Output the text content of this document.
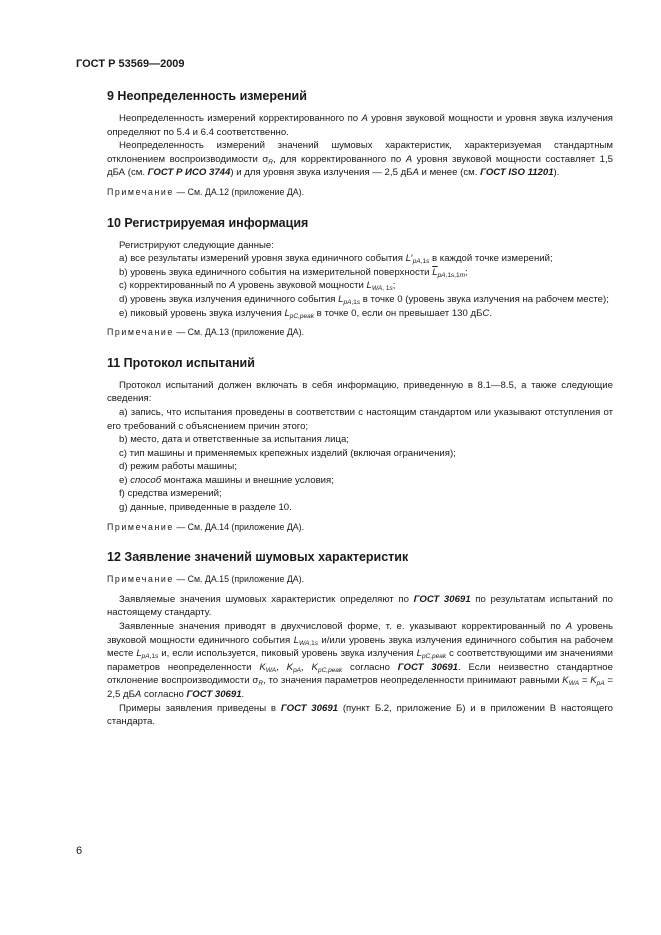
ГОСТ Р 53569—2009
9 Неопределенность измерений

Неопределенность измерений корректированного по А уровня звуковой мощности и уровня звука излучения определяют по 5.4 и 6.4 соответственно.

Неопределенность измерений значений шумовых характеристик, характеризуемая стандартным отклонением воспроизводимости $\sigma_R$, для корректированного по А уровня звуковой мощности составляет 1,5 дБА (см. ГОСТ Р ИСО 3744) и для уровня звука излучения — 2,5 дБА и менее (см. ГОСТ ISO 11201).

Примечание — См. ДА.12 (приложение ДА).

10 Регистрируемая информация

Регистрируют следующие данные:

а) все результаты измерений уровня звука единичного события $L'_{pA,1s}$ в каждой точке измерений;

b) уровень звука единичного события на измерительной поверхности $\overline{L}_{pA,1s,1m}$;

c) корректированный по А уровень звуковой мощности $L_{WA, 1s}$;

d) уровень звука излучения единичного события $L_{pA,1s}$ в точке 0 (уровень звука излучения на рабочем месте);

e) пиковый уровень звука излучения $L_{pC,peak}$ в точке 0, если он превышает 130 дБС.

Примечание — См. ДА.13 (приложение ДА).

11 Протокол испытаний

Протокол испытаний должен включать в себя информацию, приведенную в 8.1—8.5, а также следующие сведения:

а) запись, что испытания проведены в соответствии с настоящим стандартом или указывают отступления от его требований с объяснением причин этого;

b) место, дата и ответственные за испытания лица;

c) тип машины и применяемых крепежных изделий (включая ограничения);

d) режим работы машины;

e) способ монтажа машины и внешние условия;

f) средства измерений;

g) данные, приведенные в разделе 10.

Примечание — См. ДА.14 (приложение ДА).

12 Заявление значений шумовых характеристик

Примечание — См. ДА.15 (приложение ДА).

Заявляемые значения шумовых характеристик определяют по ГОСТ 30691 по результатам испытаний по настоящему стандарту.

Заявленные значения приводят в двухчисловой форме, т. е. указывают корректированный по А уровень звуковой мощности единичного события $L_{WA,1s}$ и/или уровень звука излучения единичного события на рабочем месте $L_{pA,1s}$ и, если используется, пиковый уровень звука излучения $L_{pC,peak}$ с соответствующими им значениями параметров неопределенности $K_{WA}$, $K_{pA}$, $K_{pC,peak}$ согласно ГОСТ 30691. Если неизвестно стандартное отклонение воспроизводимости $\sigma_R$, то значения параметров неопределенности принимают равными $K_{WA} = K_{pA} = 2,5$ дБА согласно ГОСТ 30691.

Примеры заявления приведены в ГОСТ 30691 (пункт Б.2, приложение Б) и в приложении В настоящего стандарта.

6
